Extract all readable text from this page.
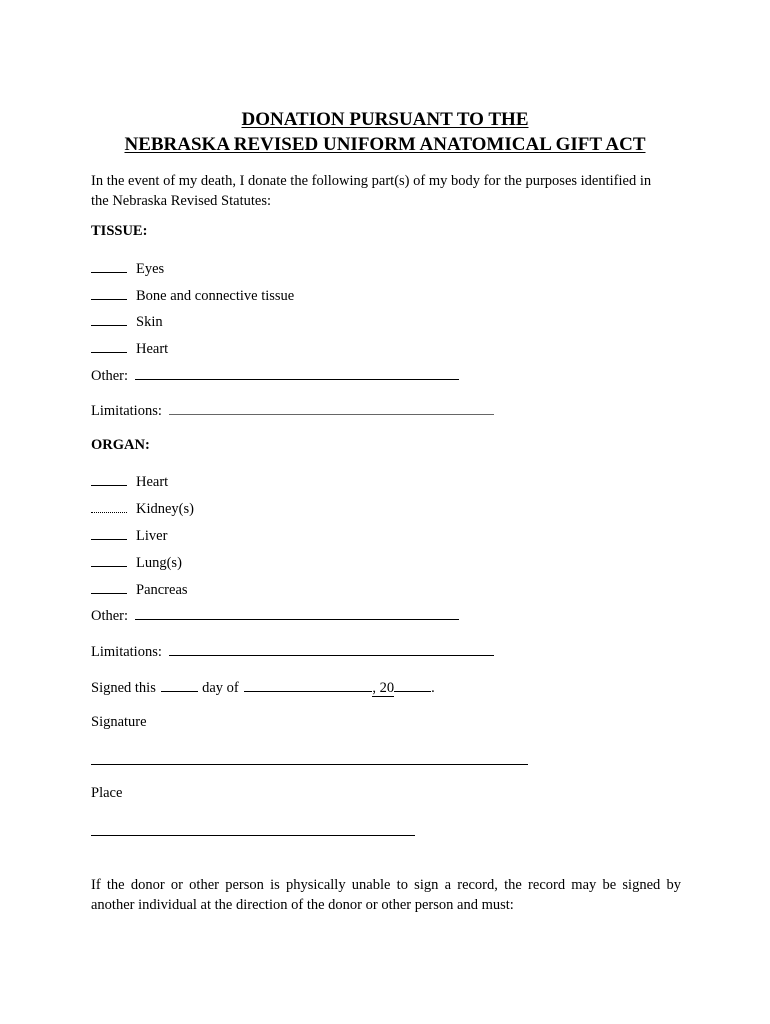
DONATION PURSUANT TO THE
NEBRASKA REVISED UNIFORM ANATOMICAL GIFT ACT
In the event of my death, I donate the following part(s) of my body for the purposes identified in
the Nebraska Revised Statutes:
TISSUE:
Eyes
Bone and connective tissue
Skin
Heart
Other:
Limitations:
ORGAN:
Heart
Kidney(s)
Liver
Lung(s)
Pancreas
Other:
Limitations:
Signed this	day of	, 20	.
Signature
Place
If the donor or other person is physically unable to sign a record, the record may be signed by
another individual at the direction of the donor or other person and must:
